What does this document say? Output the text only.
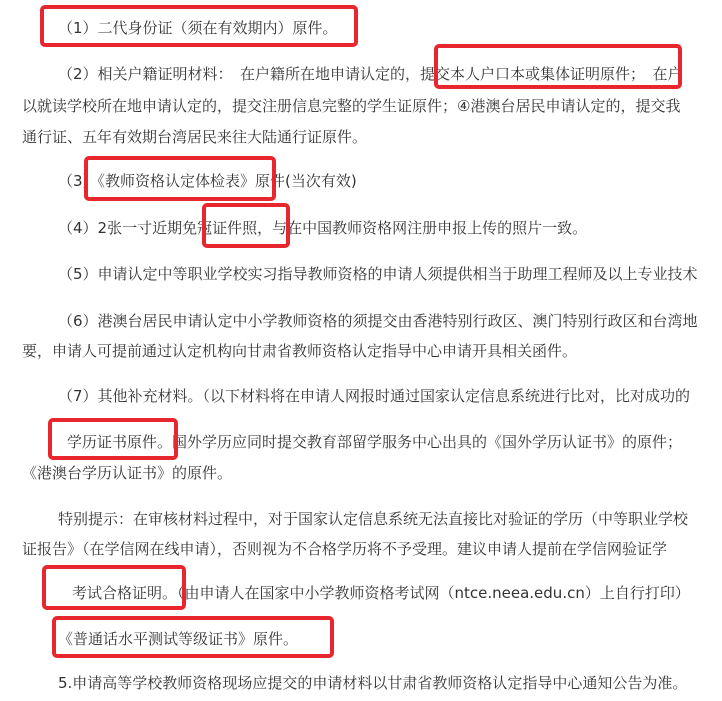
（1）二代身份证（须在有效期内）原件。
（2）相关户籍证明材料：　在户籍所在地申请认定的，提交本人户口本或集体证明原件；　在户
以就读学校所在地申请认定的，提交注册信息完整的学生证原件；④港澳台居民申请认定的，提交我
通行证、五年有效期台湾居民来往大陆通行证原件。
（3）《教师资格认定体检表》原件(当次有效)
（4）2张一寸近期免冠证件照，与在中国教师资格网注册申报上传的照片一致。
（5）申请认定中等职业学校实习指导教师资格的申请人须提供相当于助理工程师及以上专业技术
（6）港澳台居民申请认定中小学教师资格的须提交由香港特别行政区、澳门特别行政区和台湾地
要，申请人可提前通过认定机构向甘肃省教师资格认定指导中心申请开具相关函件。
（7）其他补充材料。（以下材料将在申请人网报时通过国家认定信息系统进行比对，比对成功的
学历证书原件。国外学历应同时提交教育部留学服务中心出具的《国外学历认证书》的原件；
《港澳台学历认证书》的原件。
特别提示：在审核材料过程中，对于国家认定信息系统无法直接比对验证的学历（中等职业学校
证报告》（在学信网在线申请），否则视为不合格学历将不予受理。建议申请人提前在学信网验证学
考试合格证明。（由申请人在国家中小学教师资格考试网（ntce.neea.edu.cn）上自行打印）
《普通话水平测试等级证书》原件。
5.申请高等学校教师资格现场应提交的申请材料以甘肃省教师资格认定指导中心通知公告为准。
